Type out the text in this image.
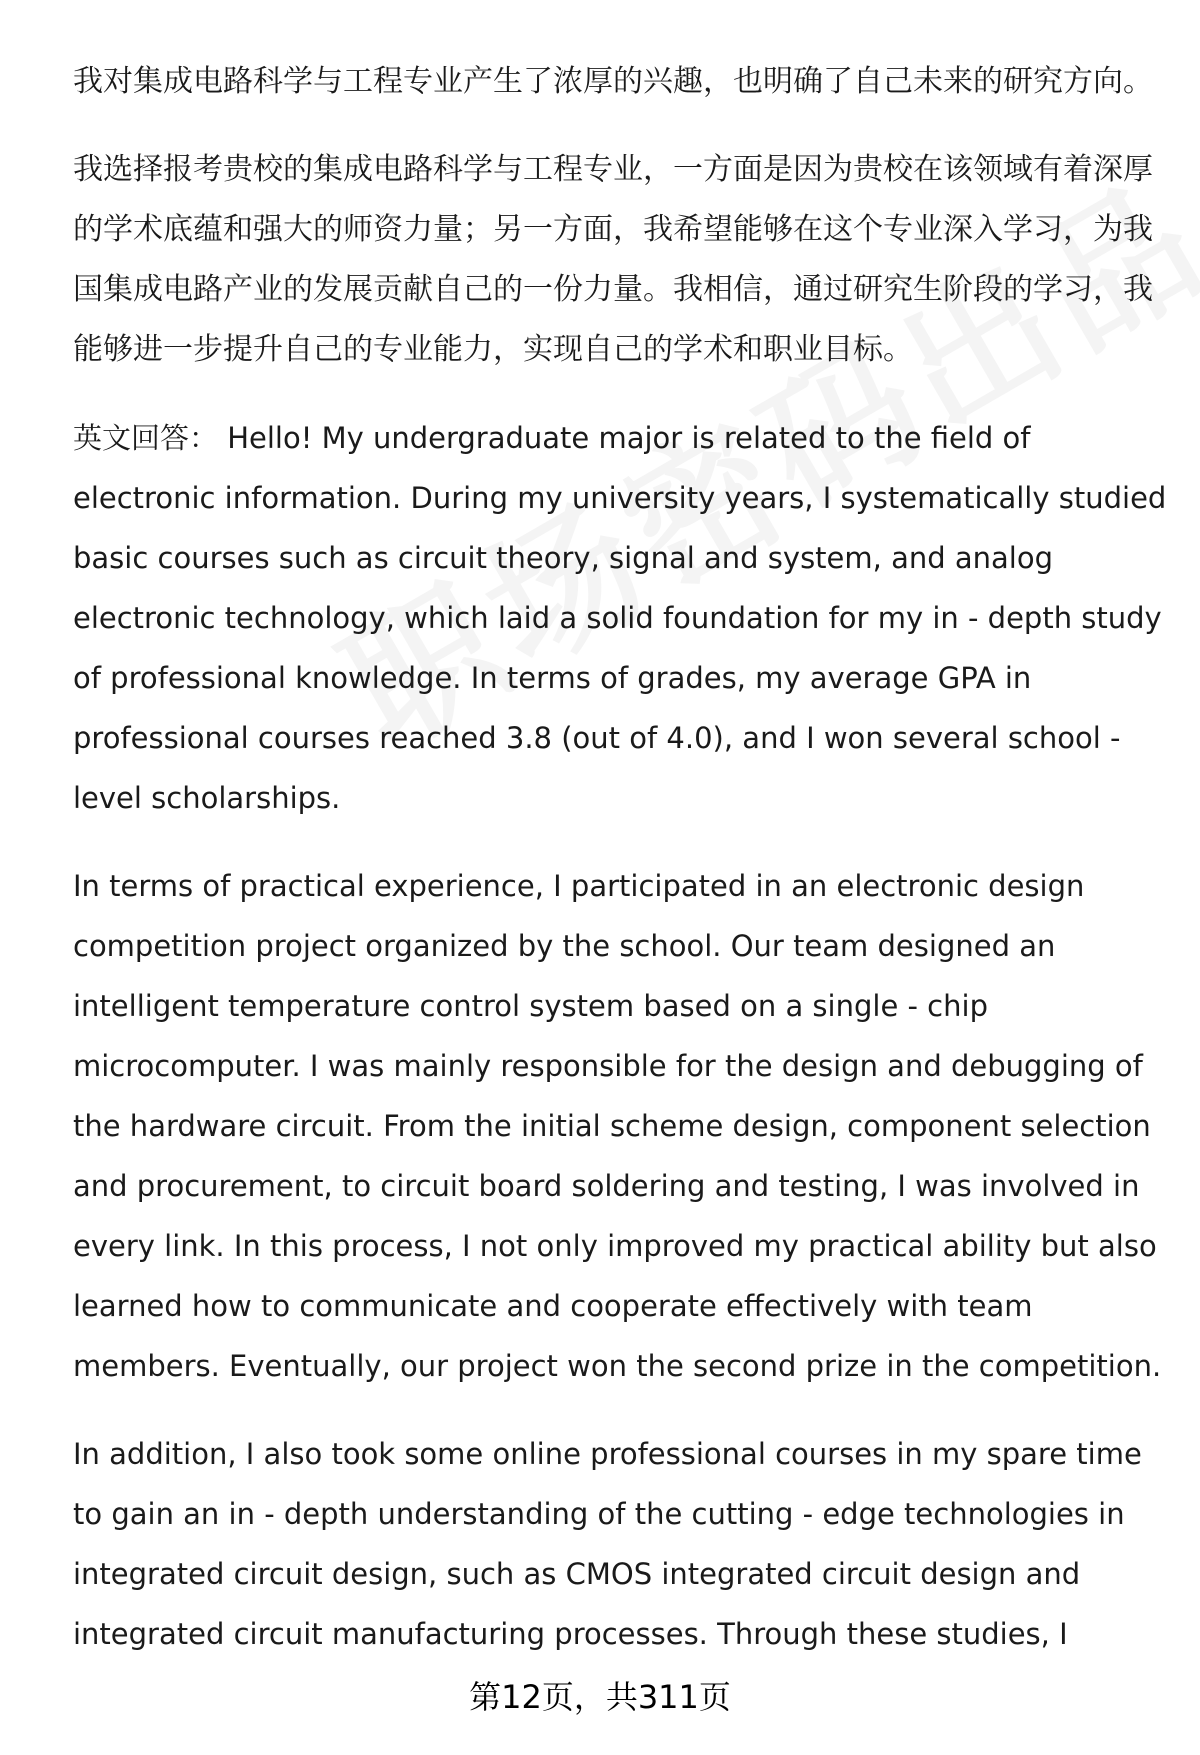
我对集成电路科学与工程专业产生了浓厚的兴趣，也明确了自己未来的研究方向。

我选择报考贵校的集成电路科学与工程专业，一方面是因为贵校在该领域有着深厚
的学术底蕴和强大的师资力量；另一方面，我希望能够在这个专业深入学习，为我
国集成电路产业的发展贡献自己的一份力量。我相信，通过研究生阶段的学习，我
能够进一步提升自己的专业能力，实现自己的学术和职业目标。

英文回答： Hello! My undergraduate major is related to the field of
electronic information. During my university years, I systematically studied
basic courses such as circuit theory, signal and system, and analog
electronic technology, which laid a solid foundation for my in - depth study
of professional knowledge. In terms of grades, my average GPA in
professional courses reached 3.8 (out of 4.0), and I won several school -
level scholarships.

In terms of practical experience, I participated in an electronic design
competition project organized by the school. Our team designed an
intelligent temperature control system based on a single - chip
microcomputer. I was mainly responsible for the design and debugging of
the hardware circuit. From the initial scheme design, component selection
and procurement, to circuit board soldering and testing, I was involved in
every link. In this process, I not only improved my practical ability but also
learned how to communicate and cooperate effectively with team
members. Eventually, our project won the second prize in the competition.

In addition, I also took some online professional courses in my spare time
to gain an in - depth understanding of the cutting - edge technologies in
integrated circuit design, such as CMOS integrated circuit design and
integrated circuit manufacturing processes. Through these studies, I

第12页，共311页
